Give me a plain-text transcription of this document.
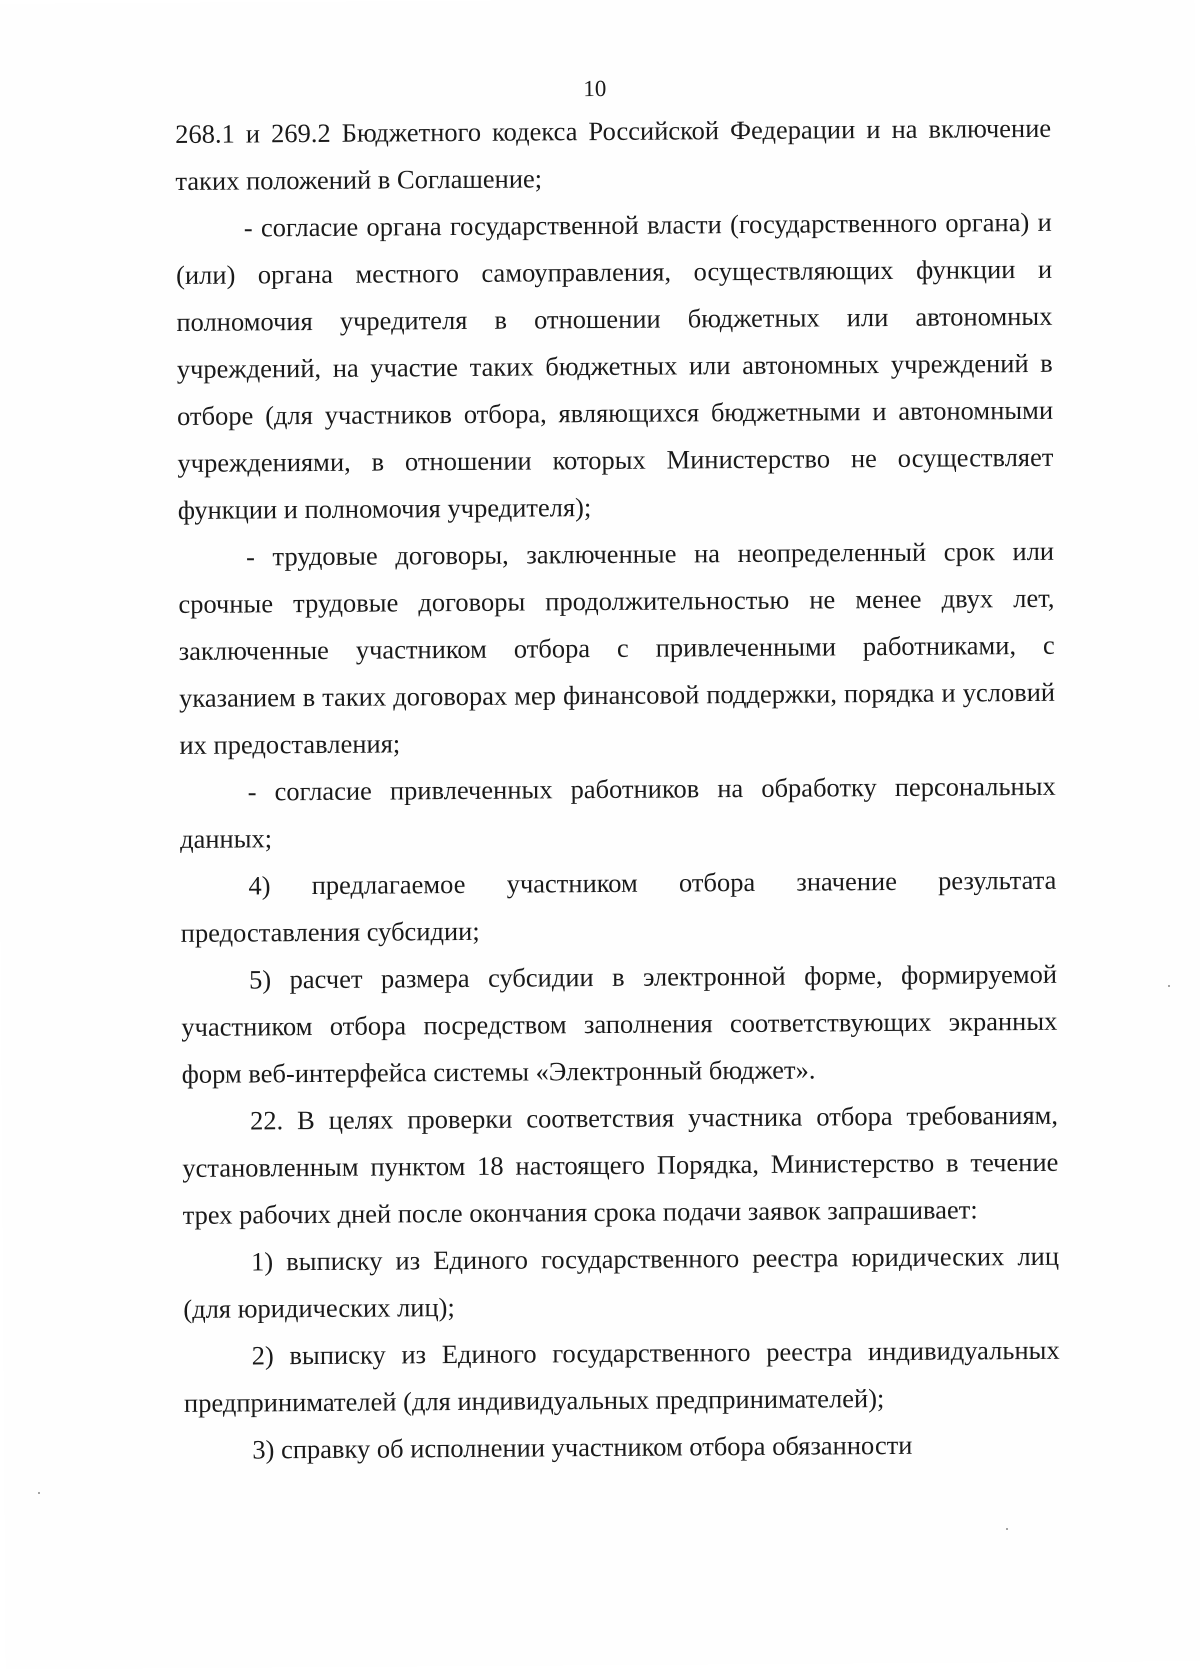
10

268.1 и 269.2 Бюджетного кодекса Российской Федерации и на включение таких положений в Соглашение;

- согласие органа государственной власти (государственного органа) и (или) органа местного самоуправления, осуществляющих функции и полномочия учредителя в отношении бюджетных или автономных учреждений, на участие таких бюджетных или автономных учреждений в отборе (для участников отбора, являющихся бюджетными и автономными учреждениями, в отношении которых Министерство не осуществляет функции и полномочия учредителя);

- трудовые договоры, заключенные на неопределенный срок или срочные трудовые договоры продолжительностью не менее двух лет, заключенные участником отбора с привлеченными работниками, с указанием в таких договорах мер финансовой поддержки, порядка и условий их предоставления;

- согласие привлеченных работников на обработку персональных данных;

4) предлагаемое участником отбора значение результата предоставления субсидии;

5) расчет размера субсидии в электронной форме, формируемой участником отбора посредством заполнения соответствующих экранных форм веб-интерфейса системы «Электронный бюджет».

22. В целях проверки соответствия участника отбора требованиям, установленным пунктом 18 настоящего Порядка, Министерство в течение трех рабочих дней после окончания срока подачи заявок запрашивает:

1) выписку из Единого государственного реестра юридических лиц (для юридических лиц);

2) выписку из Единого государственного реестра индивидуальных предпринимателей (для индивидуальных предпринимателей);

3) справку об исполнении участником отбора обязанности
